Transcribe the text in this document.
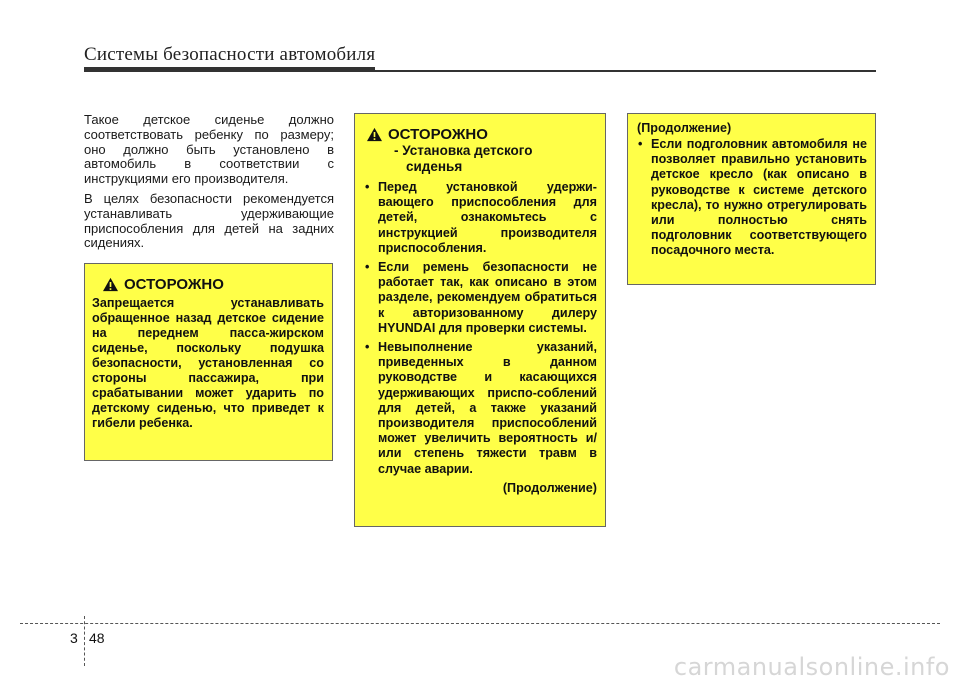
Системы безопасности автомобиля

Такое детское сиденье должно соответствовать ребенку по размеру; оно должно быть установлено в автомобиль в соответствии с инструкциями его производителя.

В целях безопасности рекомендуется устанавливать удерживающие приспособления для детей на задних сидениях.

ОСТОРОЖНО
Запрещается устанавливать обращенное назад детское сидение на переднем пасса-жирском сиденье, поскольку подушка безопасности, установленная со стороны пассажира, при срабатывании может ударить по детскому сиденью, что приведет к гибели ребенка.
ОСТОРОЖНО
- Установка детского
сиденья
• Перед установкой удержи-вающего приспособления для детей, ознакомьтесь с инструкцией производителя приспособления.
• Если ремень безопасности не работает так, как описано в этом разделе, рекомендуем обратиться к авторизованному дилеру HYUNDAI для проверки системы.
• Невыполнение указаний, приведенных в данном руководстве и касающихся удерживающих приспо-соблений для детей, а также указаний производителя приспособлений может увеличить вероятность и/или степень тяжести травм в случае аварии.
(Продолжение)
(Продолжение)
• Если подголовник автомобиля не позволяет правильно установить детское кресло (как описано в руководстве к системе детского кресла), то нужно отрегулировать или полностью снять подголовник соответствующего посадочного места.
3 48
carmanualsonline.info
